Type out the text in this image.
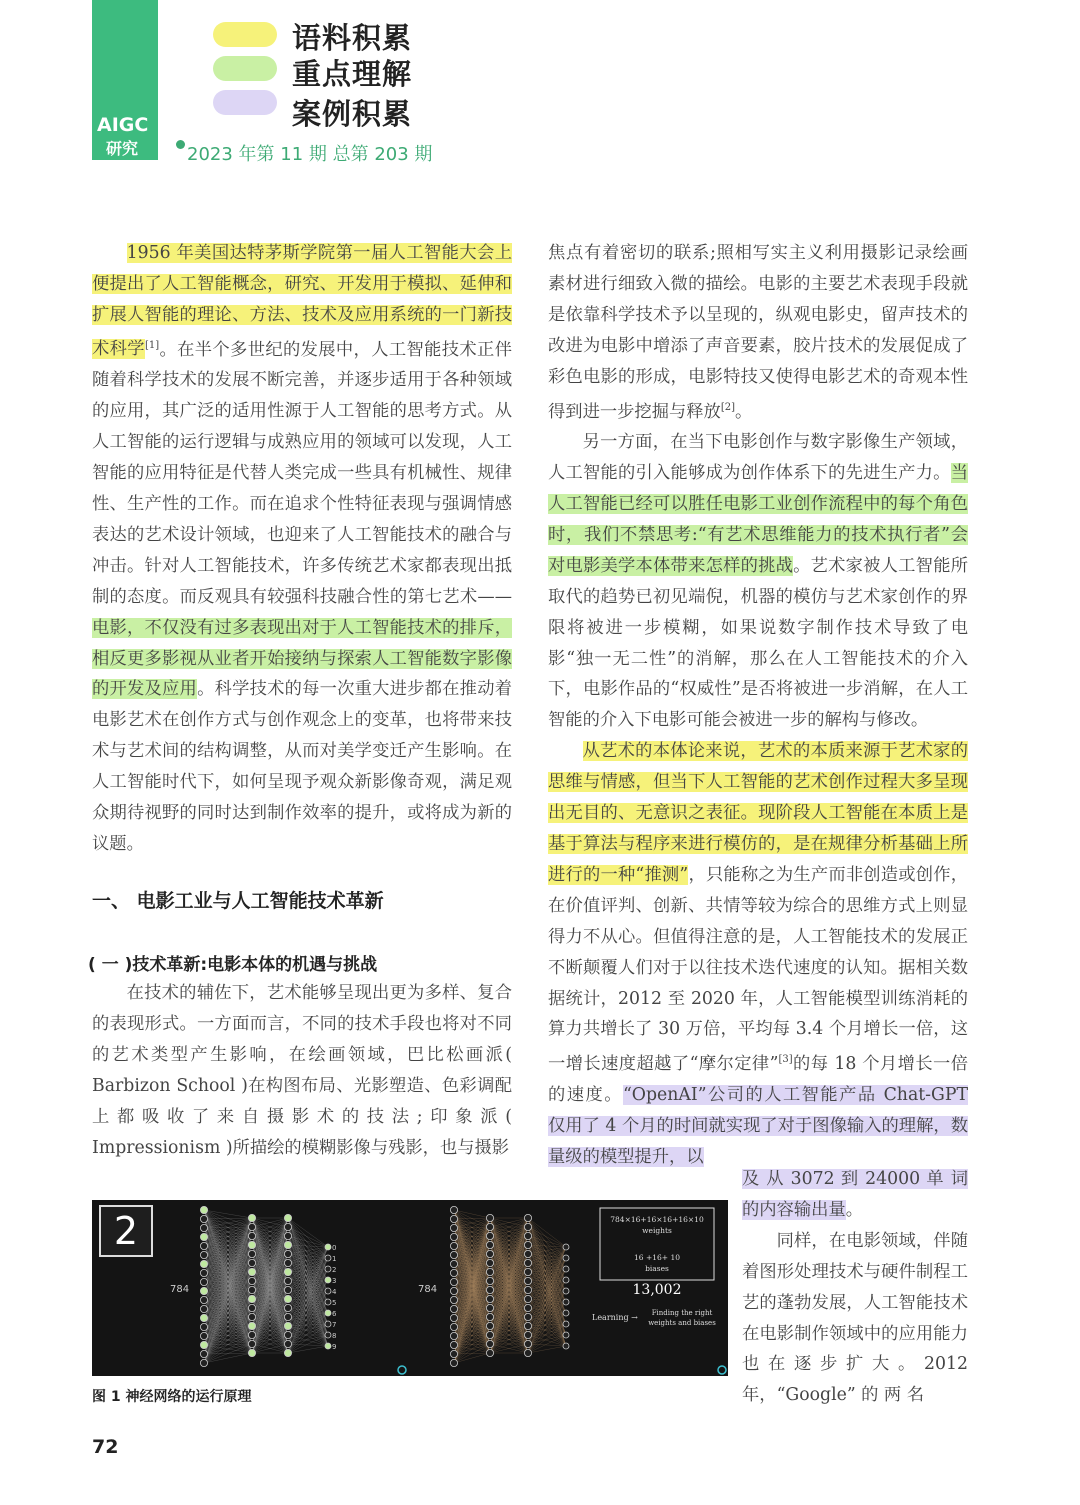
AIGC
研究
语料积累
重点理解
案例积累
2023 年第 11 期 总第 203 期

1956 年美国达特茅斯学院第一届人工智能大会上便提出了人工智能概念，研究、开发用于模拟、延伸和扩展人智能的理论、方法、技术及应用系统的一门新技术科学[1]。在半个多世纪的发展中，人工智能技术正伴随着科学技术的发展不断完善，并逐步适用于各种领域的应用，其广泛的适用性源于人工智能的思考方式。从人工智能的运行逻辑与成熟应用的领域可以发现，人工智能的应用特征是代替人类完成一些具有机械性、规律性、生产性的工作。而在追求个性特征表现与强调情感表达的艺术设计领域，也迎来了人工智能技术的融合与冲击。针对人工智能技术，许多传统艺术家都表现出抵制的态度。而反观具有较强科技融合性的第七艺术——电影，不仅没有过多表现出对于人工智能技术的排斥，相反更多影视从业者开始接纳与探索人工智能数字影像的开发及应用。科学技术的每一次重大进步都在推动着电影艺术在创作方式与创作观念上的变革，也将带来技术与艺术间的结构调整，从而对美学变迁产生影响。在人工智能时代下，如何呈现予观众新影像奇观，满足观众期待视野的同时达到制作效率的提升，或将成为新的议题。

一、 电影工业与人工智能技术革新
( 一 )技术革新:电影本体的机遇与挑战

在技术的辅佐下，艺术能够呈现出更为多样、复合的表现形式。一方面而言，不同的技术手段也将对不同的艺术类型产生影响，在绘画领域，巴比松画派( Barbizon School )在构图布局、光影塑造、色彩调配上都吸收了来自摄影术的技法;印象派( Impressionism )所描绘的模糊影像与残影，也与摄影

焦点有着密切的联系;照相写实主义利用摄影记录绘画素材进行细致入微的描绘。电影的主要艺术表现手段就是依靠科学技术予以呈现的，纵观电影史，留声技术的改进为电影中增添了声音要素，胶片技术的发展促成了彩色电影的形成，电影特技又使得电影艺术的奇观本性得到进一步挖掘与释放[2]。

另一方面，在当下电影创作与数字影像生产领域，人工智能的引入能够成为创作体系下的先进生产力。当人工智能已经可以胜任电影工业创作流程中的每个角色时，我们不禁思考:“有艺术思维能力的技术执行者”会对电影美学本体带来怎样的挑战。艺术家被人工智能所取代的趋势已初见端倪，机器的模仿与艺术家创作的界限将被进一步模糊，如果说数字制作技术导致了电影“独一无二性”的消解，那么在人工智能技术的介入下，电影作品的“权威性”是否将被进一步消解，在人工智能的介入下电影可能会被进一步的解构与修改。

从艺术的本体论来说，艺术的本质来源于艺术家的思维与情感，但当下人工智能的艺术创作过程大多呈现出无目的、无意识之表征。现阶段人工智能在本质上是基于算法与程序来进行模仿的，是在规律分析基础上所进行的一种“推测”，只能称之为生产而非创造或创作，在价值评判、创新、共情等较为综合的思维方式上则显得力不从心。但值得注意的是，人工智能技术的发展正不断颠覆人们对于以往技术迭代速度的认知。据相关数据统计，2012 至 2020 年，人工智能模型训练消耗的算力共增长了 30 万倍，平均每 3.4 个月增长一倍，这一增长速度超越了“摩尔定律”[3]的每 18 个月增长一倍的速度。“OpenAI”公司的人工智能产品 Chat-GPT 仅用了 4 个月的时间就实现了对于图像输入的理解，数量级的模型提升，以

及 从 3072 到 24000 单 词的内容输出量。

同样，在电影领域，伴随着图形处理技术与硬件制程工艺的蓬勃发展，人工智能技术在电影制作领域中的应用能力也在逐步扩大。2012 年，“Google” 的 两 名

2
784	784
0
1
2
3
4
5
6
7
8
9
784×16+16×16+16×10
weights
16 +16+ 10
biases
13,002
Learning → Finding the right
weights and biases
图 1 神经网络的运行原理
72
